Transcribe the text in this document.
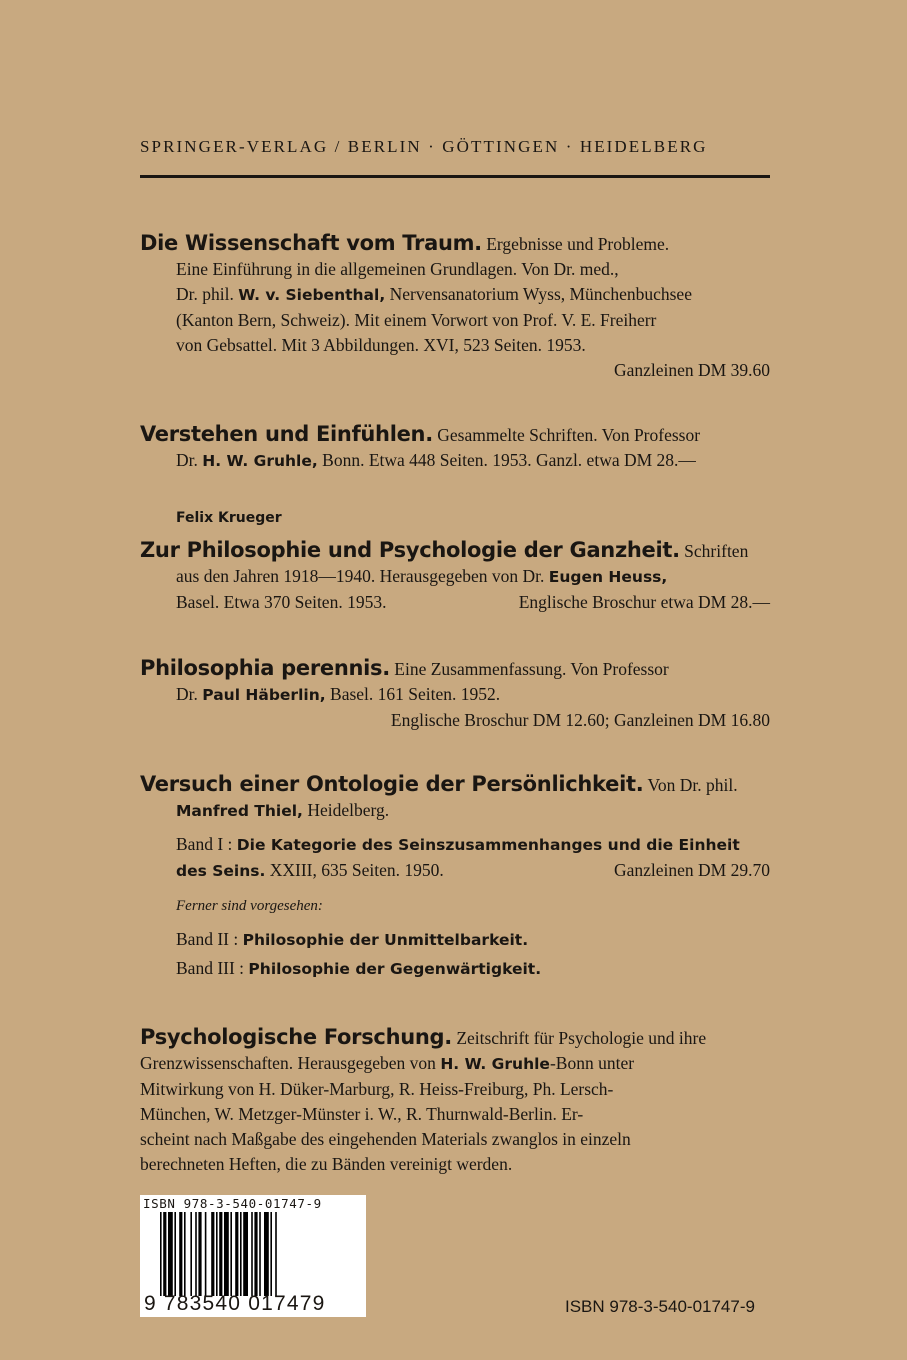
SPRINGER-VERLAG / BERLIN · GÖTTINGEN · HEIDELBERG
Die Wissenschaft vom Traum. Ergebnisse und Probleme.
Eine Einführung in die allgemeinen Grundlagen. Von Dr. med.,
Dr. phil. W. v. Siebenthal, Nervensanatorium Wyss, Münchenbuchsee
(Kanton Bern, Schweiz). Mit einem Vorwort von Prof. V. E. Freiherr
von Gebsattel. Mit 3 Abbildungen. XVI, 523 Seiten. 1953.
Ganzleinen DM 39.60
Verstehen und Einfühlen. Gesammelte Schriften. Von Professor
Dr. H. W. Gruhle, Bonn. Etwa 448 Seiten. 1953. Ganzl. etwa DM 28.—
Felix Krueger
Zur Philosophie und Psychologie der Ganzheit. Schriften
aus den Jahren 1918—1940. Herausgegeben von Dr. Eugen Heuss,
Basel. Etwa 370 Seiten. 1953.	Englische Broschur etwa DM 28.—
Philosophia perennis. Eine Zusammenfassung. Von Professor
Dr. Paul Häberlin, Basel. 161 Seiten. 1952.
Englische Broschur DM 12.60; Ganzleinen DM 16.80
Versuch einer Ontologie der Persönlichkeit. Von Dr. phil.
Manfred Thiel, Heidelberg.
Band I : Die Kategorie des Seinszusammenhanges und die Einheit
des Seins. XXIII, 635 Seiten. 1950.	Ganzleinen DM 29.70
Ferner sind vorgesehen:
Band II : Philosophie der Unmittelbarkeit.
Band III : Philosophie der Gegenwärtigkeit.
Psychologische Forschung. Zeitschrift für Psychologie und ihre
Grenzwissenschaften. Herausgegeben von H. W. Gruhle-Bonn unter
Mitwirkung von H. Düker-Marburg, R. Heiss-Freiburg, Ph. Lersch-
München, W. Metzger-Münster i. W., R. Thurnwald-Berlin. Er-
scheint nach Maßgabe des eingehenden Materials zwanglos in einzeln
berechneten Heften, die zu Bänden vereinigt werden.
ISBN 978-3-540-01747-9
9 783540 017479	ISBN 978-3-540-01747-9
